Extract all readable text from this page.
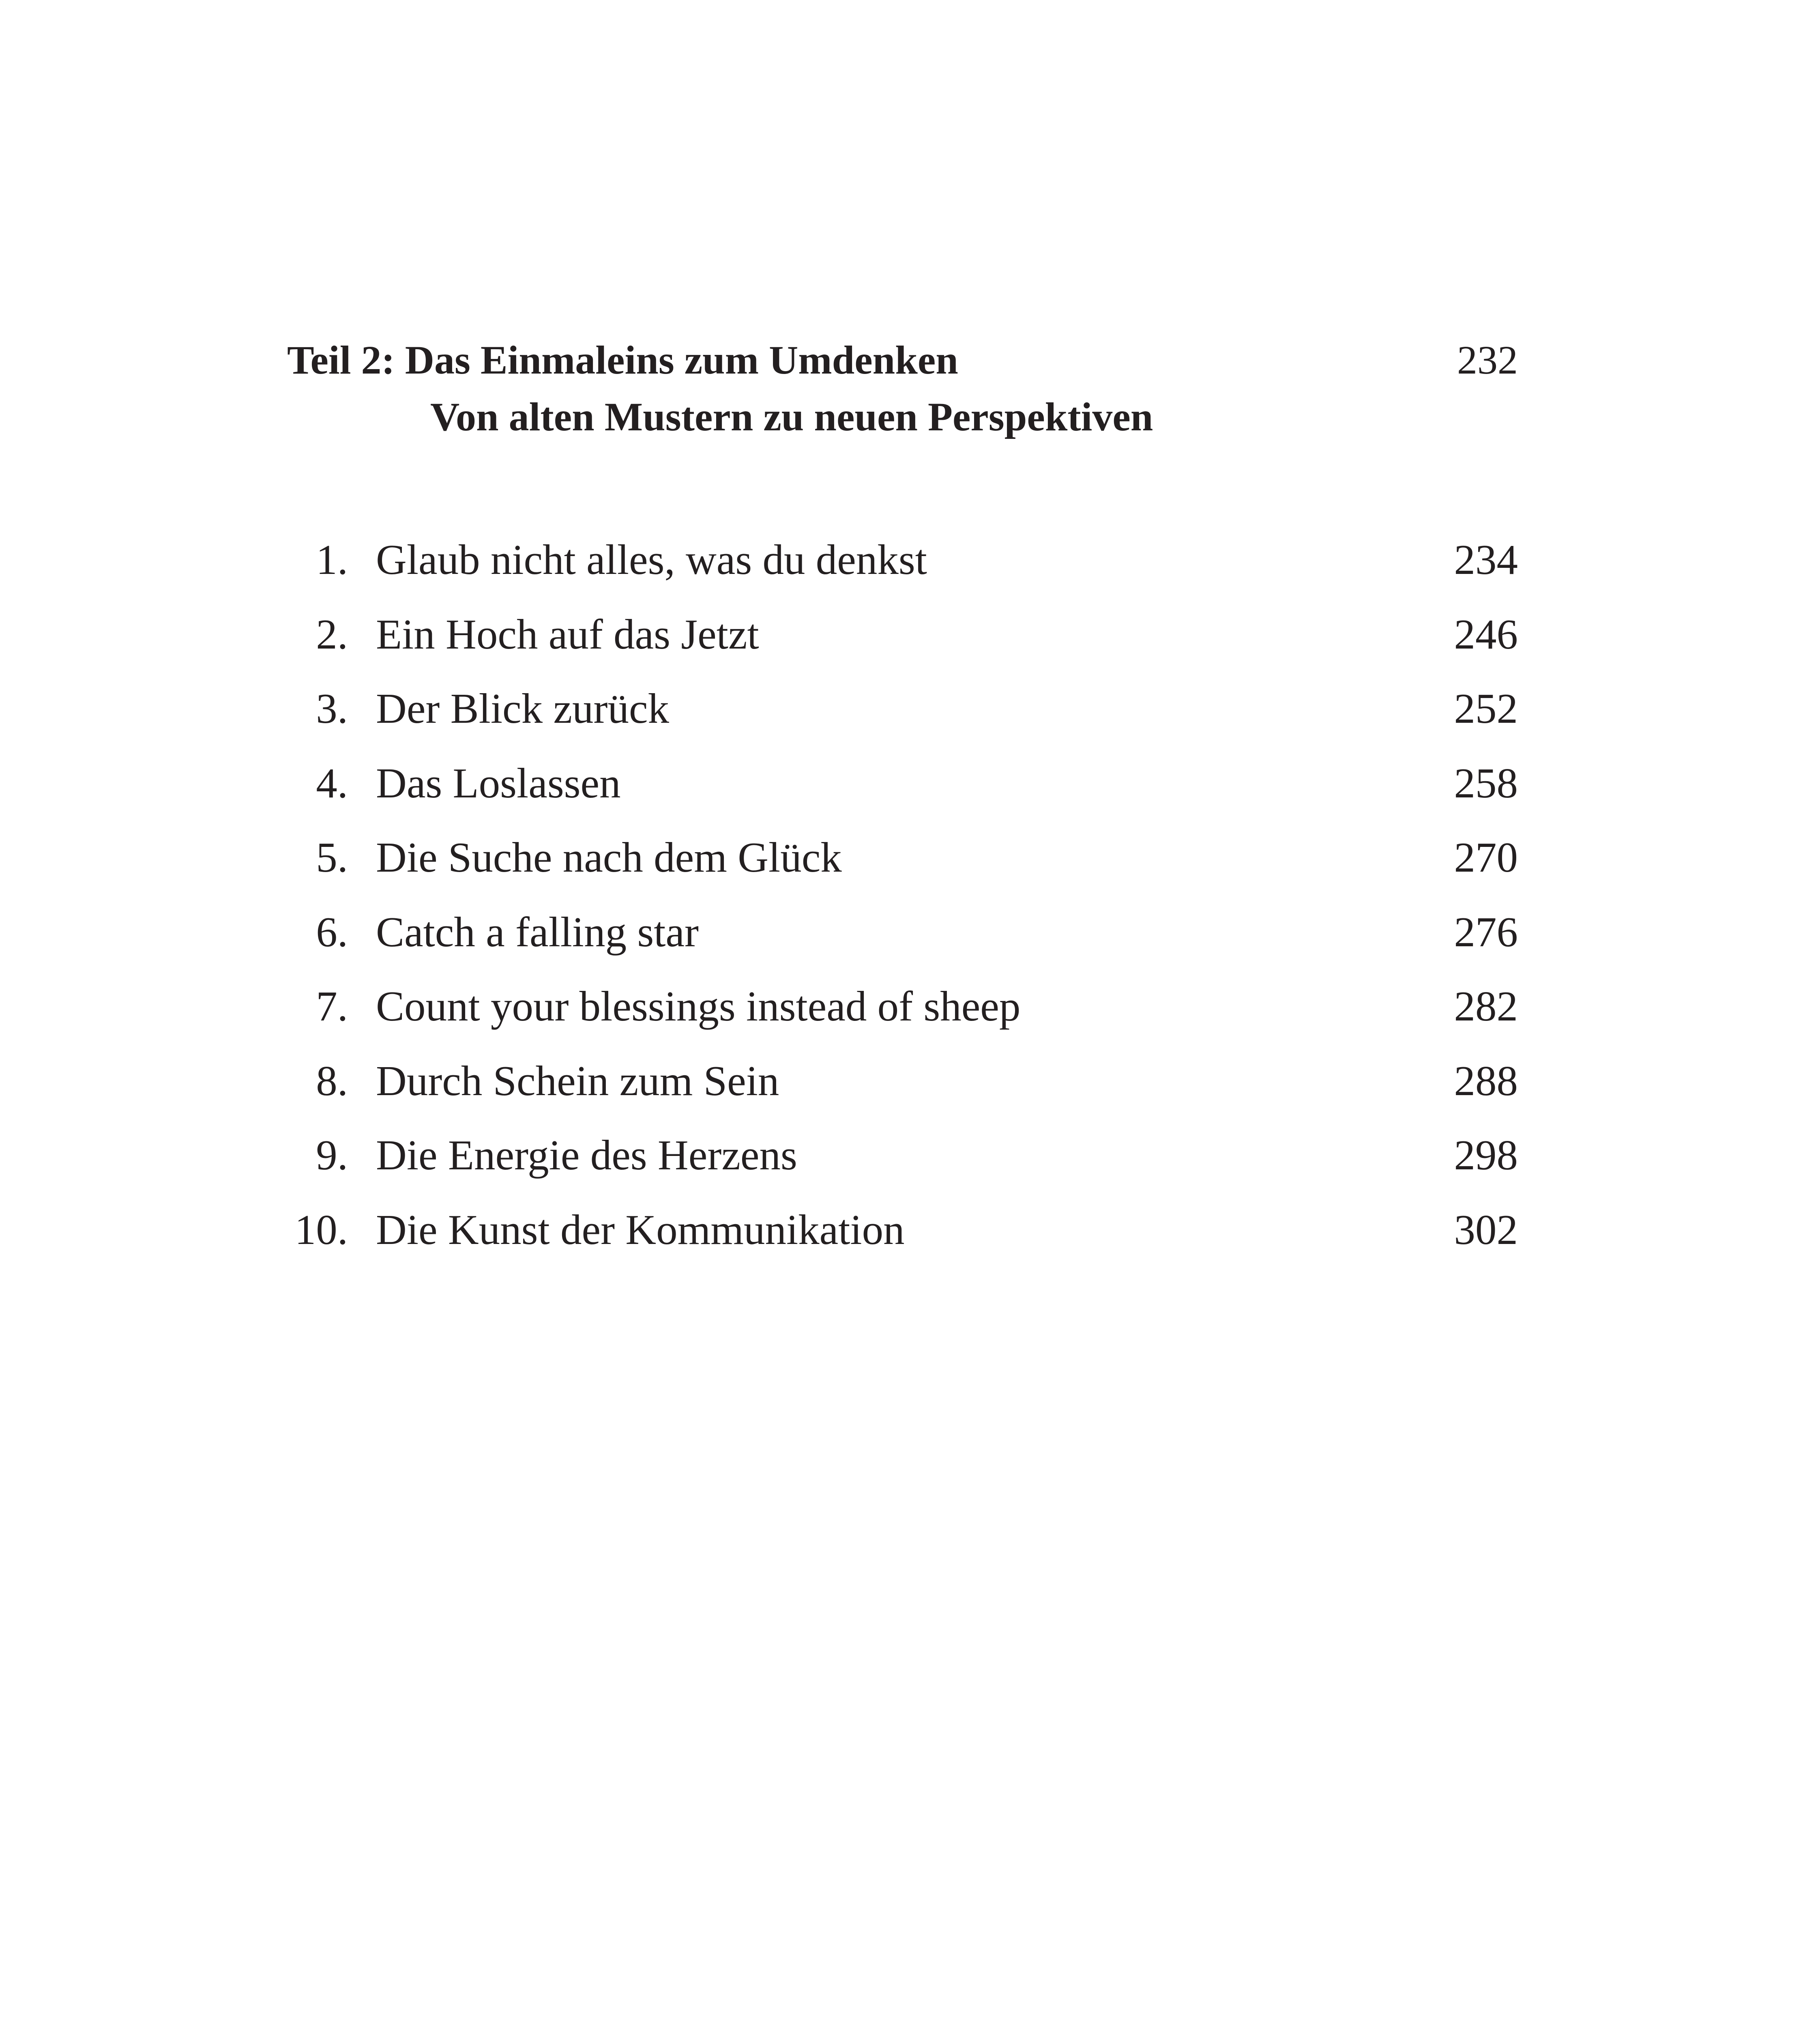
Teil 2: Das Einmaleins zum Umdenken	232
Von alten Mustern zu neuen Perspektiven
1. Glaub nicht alles, was du denkst	234
2. Ein Hoch auf das Jetzt	246
3. Der Blick zurück	252
4. Das Loslassen	258
5. Die Suche nach dem Glück	270
6. Catch a falling star	276
7. Count your blessings instead of sheep	282
8. Durch Schein zum Sein	288
9. Die Energie des Herzens	298
10. Die Kunst der Kommunikation	302
